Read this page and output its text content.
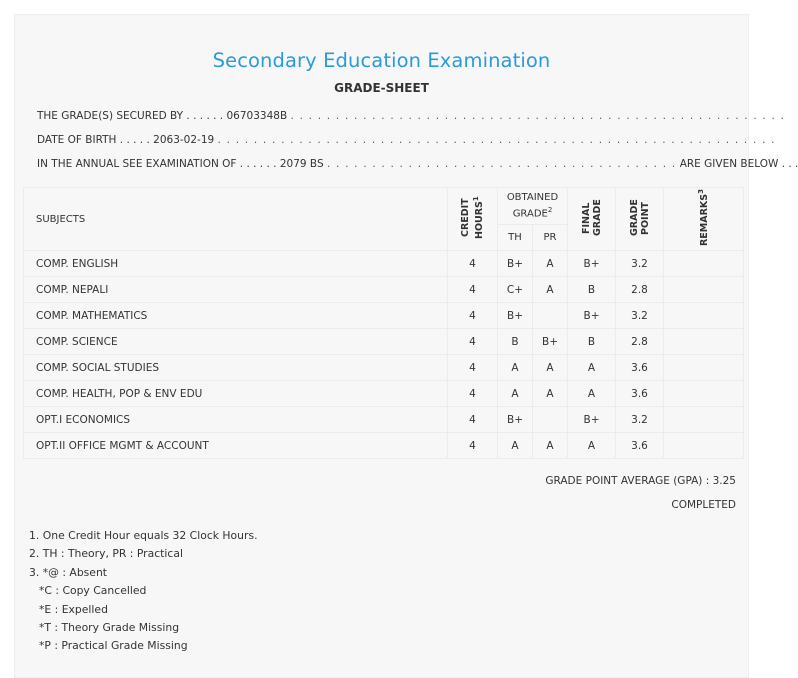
Secondary Education Examination
GRADE-SHEET
THE GRADE(S) SECURED BY . . . . . . 06703348B . . . . . . . . . . . . . . . . . . . . . . . . . . . . . . . . . . . . . . . . . . . . . . . . . . . . . . .
DATE OF BIRTH . . . . . 2063-02-19 . . . . . . . . . . . . . . . . . . . . . . . . . . . . . . . . . . . . . . . . . . . . . . . . . . . . . . . . . . . . . .
IN THE ANNUAL SEE EXAMINATION OF . . . . . . 2079 BS . . . . . . . . . . . . . . . . . . . . . . . . . . . . . . . . . . . . . . . ARE GIVEN BELOW . . .
SUBJECTS	CREDIT HOURS$^1$	OBTAINED GRADE$^2$		FINAL GRADE	GRADE POINT	REMARKS$^3$
		TH	PR			
COMP. ENGLISH	4	B+	A	B+	3.2	
COMP. NEPALI	4	C+	A	B	2.8	
COMP. MATHEMATICS	4	B+		B+	3.2	
COMP. SCIENCE	4	B	B+	B	2.8	
COMP. SOCIAL STUDIES	4	A	A	A	3.6	
COMP. HEALTH, POP & ENV EDU	4	A	A	A	3.6	
OPT.I ECONOMICS	4	B+		B+	3.2	
OPT.II OFFICE MGMT & ACCOUNT	4	A	A	A	3.6	
GRADE POINT AVERAGE (GPA) : 3.25
COMPLETED
1. One Credit Hour equals 32 Clock Hours.
2. TH : Theory, PR : Practical
3. *@ : Absent
*C : Copy Cancelled
*E : Expelled
*T : Theory Grade Missing
*P : Practical Grade Missing
